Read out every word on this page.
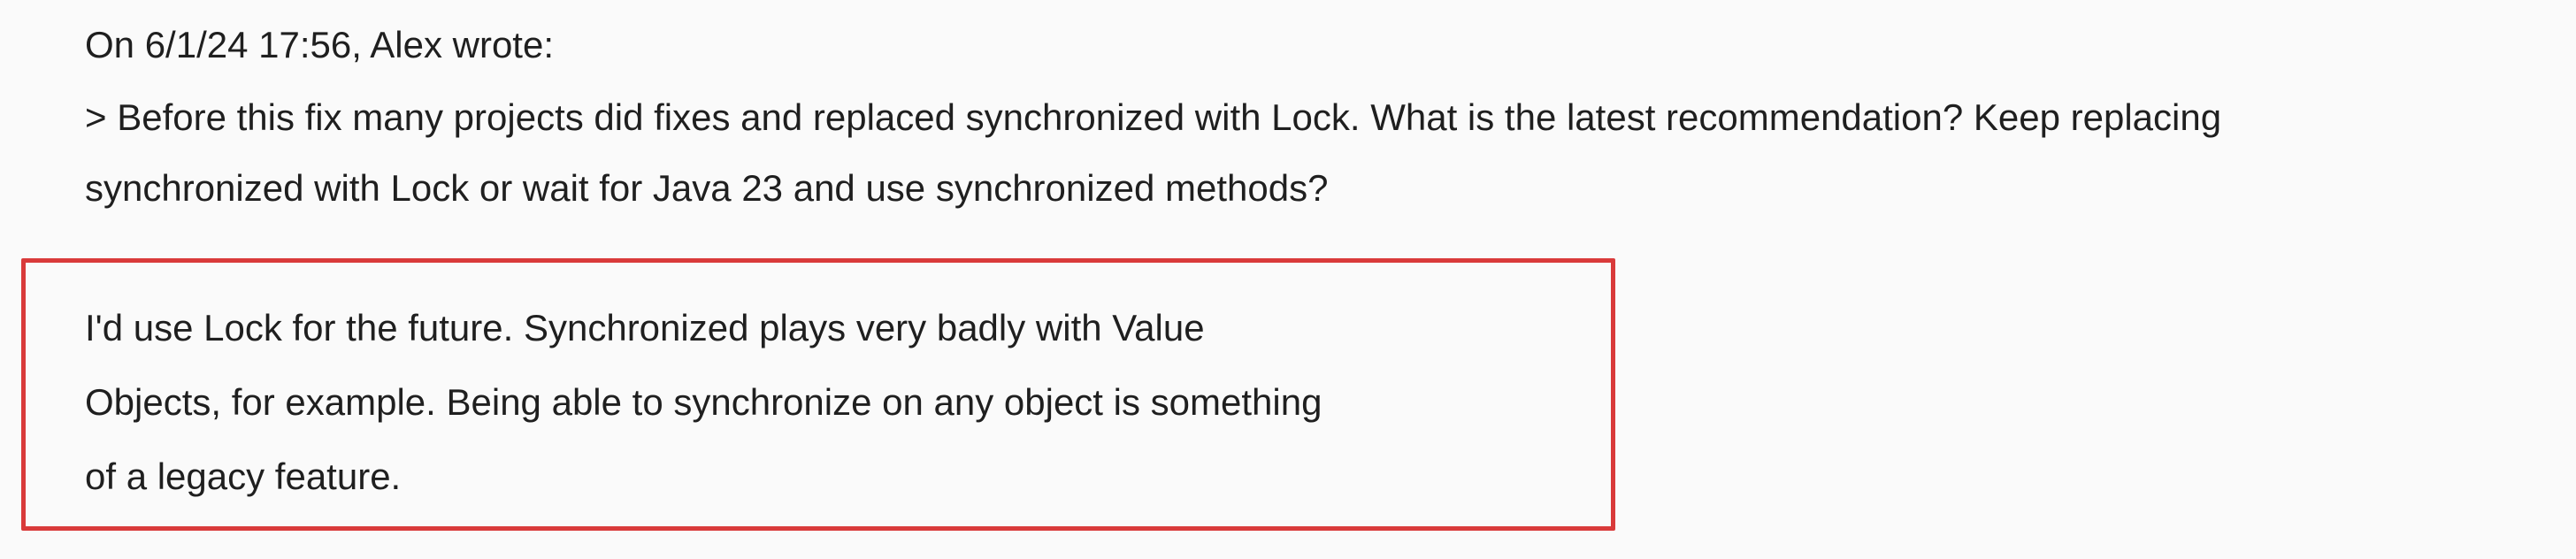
On 6/1/24 17:56, Alex wrote:
> Before this fix many projects did fixes and replaced synchronized with Lock. What is the latest recommendation? Keep replacing
synchronized with Lock or wait for Java 23 and use synchronized methods?
I'd use Lock for the future. Synchronized plays very badly with Value
Objects, for example. Being able to synchronize on any object is something
of a legacy feature.
